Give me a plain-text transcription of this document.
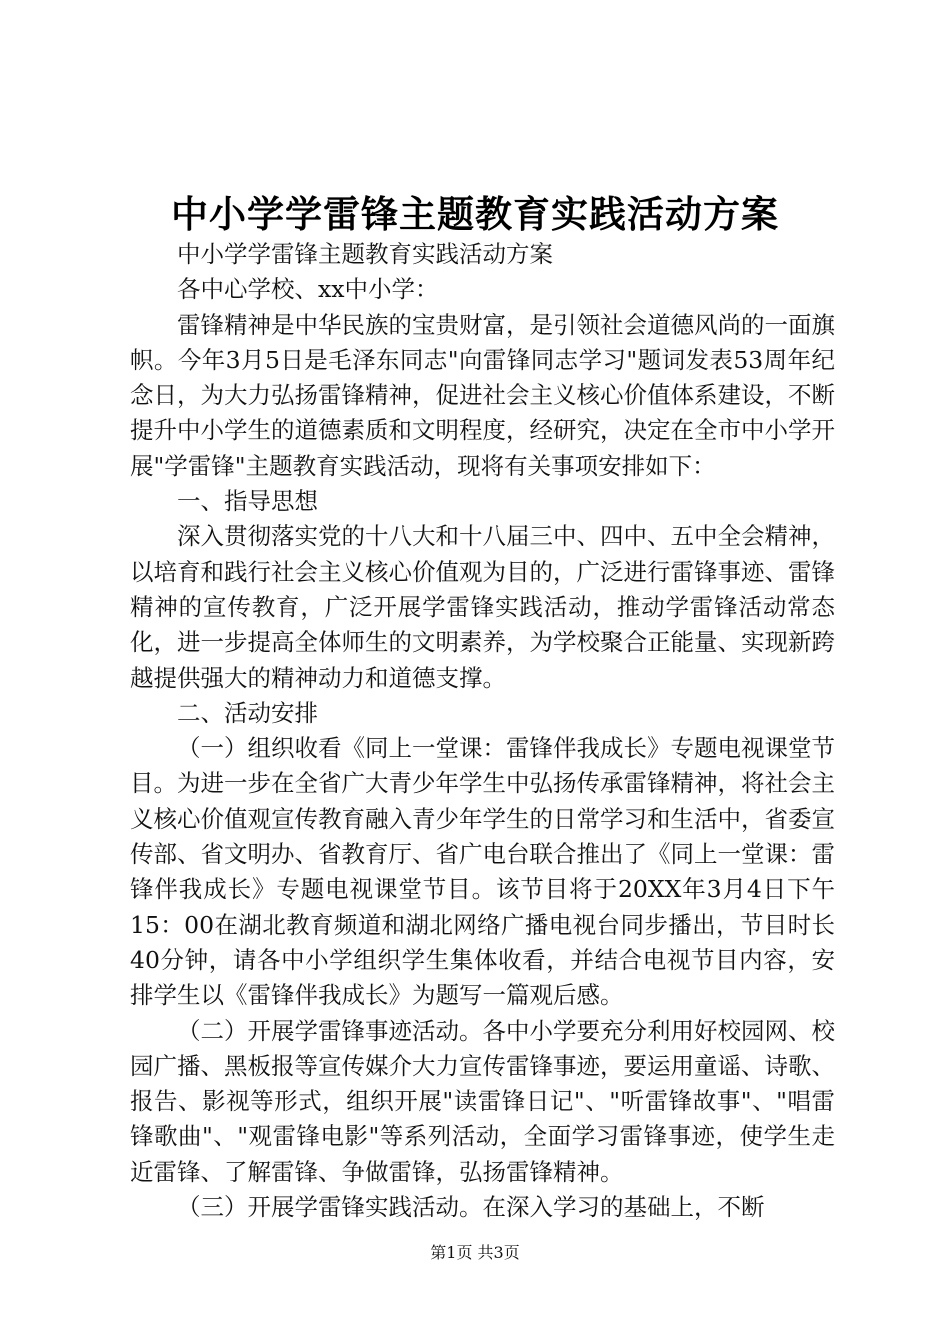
中小学学雷锋主题教育实践活动方案

中小学学雷锋主题教育实践活动方案

各中心学校、xx中小学：

雷锋精神是中华民族的宝贵财富，是引领社会道德风尚的一面旗帜。今年3月5日是毛泽东同志"向雷锋同志学习"题词发表53周年纪念日，为大力弘扬雷锋精神，促进社会主义核心价值体系建设，不断提升中小学生的道德素质和文明程度，经研究，决定在全市中小学开展"学雷锋"主题教育实践活动，现将有关事项安排如下：

一、指导思想

深入贯彻落实党的十八大和十八届三中、四中、五中全会精神，以培育和践行社会主义核心价值观为目的，广泛进行雷锋事迹、雷锋精神的宣传教育，广泛开展学雷锋实践活动，推动学雷锋活动常态化，进一步提高全体师生的文明素养，为学校聚合正能量、实现新跨越提供强大的精神动力和道德支撑。

二、活动安排

（一）组织收看《同上一堂课：雷锋伴我成长》专题电视课堂节目。为进一步在全省广大青少年学生中弘扬传承雷锋精神，将社会主义核心价值观宣传教育融入青少年学生的日常学习和生活中，省委宣传部、省文明办、省教育厅、省广电台联合推出了《同上一堂课：雷锋伴我成长》专题电视课堂节目。该节目将于20XX年3月4日下午15：00在湖北教育频道和湖北网络广播电视台同步播出，节目时长40分钟，请各中小学组织学生集体收看，并结合电视节目内容，安排学生以《雷锋伴我成长》为题写一篇观后感。

（二）开展学雷锋事迹活动。各中小学要充分利用好校园网、校园广播、黑板报等宣传媒介大力宣传雷锋事迹，要运用童谣、诗歌、报告、影视等形式，组织开展"读雷锋日记"、"听雷锋故事"、"唱雷锋歌曲"、"观雷锋电影"等系列活动，全面学习雷锋事迹，使学生走近雷锋、了解雷锋、争做雷锋，弘扬雷锋精神。

（三）开展学雷锋实践活动。在深入学习的基础上，不断

第1页 共3页
